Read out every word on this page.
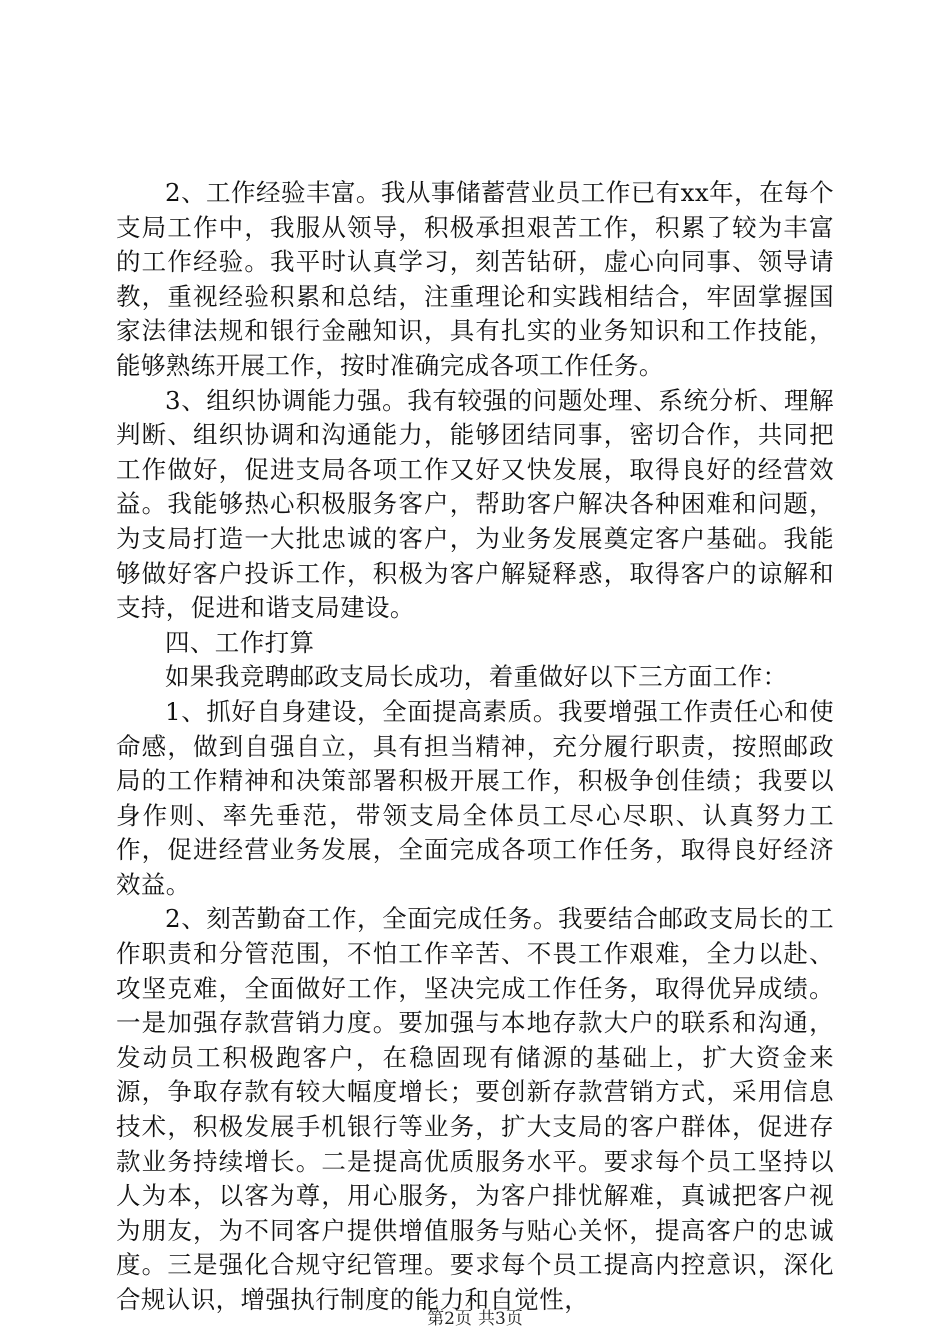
2、工作经验丰富。我从事储蓄营业员工作已有xx年，在每个支局工作中，我服从领导，积极承担艰苦工作，积累了较为丰富的工作经验。我平时认真学习，刻苦钻研，虚心向同事、领导请教，重视经验积累和总结，注重理论和实践相结合，牢固掌握国家法律法规和银行金融知识，具有扎实的业务知识和工作技能，能够熟练开展工作，按时准确完成各项工作任务。

3、组织协调能力强。我有较强的问题处理、系统分析、理解判断、组织协调和沟通能力，能够团结同事，密切合作，共同把工作做好，促进支局各项工作又好又快发展，取得良好的经营效益。我能够热心积极服务客户，帮助客户解决各种困难和问题，为支局打造一大批忠诚的客户，为业务发展奠定客户基础。我能够做好客户投诉工作，积极为客户解疑释惑，取得客户的谅解和支持，促进和谐支局建设。

四、工作打算

如果我竞聘邮政支局长成功，着重做好以下三方面工作：

1、抓好自身建设，全面提高素质。我要增强工作责任心和使命感，做到自强自立，具有担当精神，充分履行职责，按照邮政局的工作精神和决策部署积极开展工作，积极争创佳绩；我要以身作则、率先垂范，带领支局全体员工尽心尽职、认真努力工作，促进经营业务发展，全面完成各项工作任务，取得良好经济效益。

2、刻苦勤奋工作，全面完成任务。我要结合邮政支局长的工作职责和分管范围，不怕工作辛苦、不畏工作艰难，全力以赴、攻坚克难，全面做好工作，坚决完成工作任务，取得优异成绩。一是加强存款营销力度。要加强与本地存款大户的联系和沟通，发动员工积极跑客户，在稳固现有储源的基础上，扩大资金来源，争取存款有较大幅度增长；要创新存款营销方式，采用信息技术，积极发展手机银行等业务，扩大支局的客户群体，促进存款业务持续增长。二是提高优质服务水平。要求每个员工坚持以人为本，以客为尊，用心服务，为客户排忧解难，真诚把客户视为朋友，为不同客户提供增值服务与贴心关怀，提高客户的忠诚度。三是强化合规守纪管理。要求每个员工提高内控意识，深化合规认识，增强执行制度的能力和自觉性，

第2页 共3页
